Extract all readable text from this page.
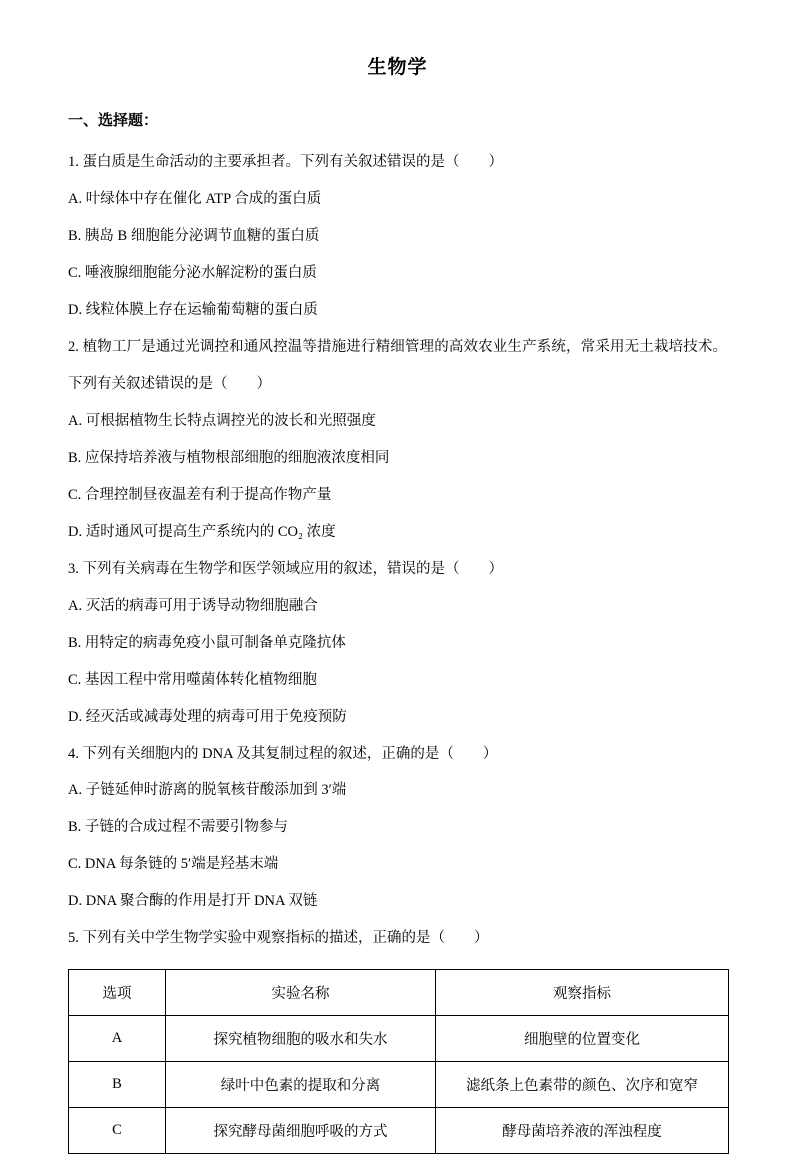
生物学
一、选择题：

1. 蛋白质是生命活动的主要承担者。下列有关叙述错误的是（　　）

A. 叶绿体中存在催化 ATP 合成的蛋白质

B. 胰岛 B 细胞能分泌调节血糖的蛋白质

C. 唾液腺细胞能分泌水解淀粉的蛋白质

D. 线粒体膜上存在运输葡萄糖的蛋白质

2. 植物工厂是通过光调控和通风控温等措施进行精细管理的高效农业生产系统，常采用无土栽培技术。下列有关叙述错误的是（　　）

A. 可根据植物生长特点调控光的波长和光照强度

B. 应保持培养液与植物根部细胞的细胞液浓度相同

C. 合理控制昼夜温差有利于提高作物产量

D. 适时通风可提高生产系统内的 CO₂ 浓度

3. 下列有关病毒在生物学和医学领域应用的叙述，错误的是（　　）

A. 灭活的病毒可用于诱导动物细胞融合

B. 用特定的病毒免疫小鼠可制备单克隆抗体

C. 基因工程中常用噬菌体转化植物细胞

D. 经灭活或减毒处理的病毒可用于免疫预防

4. 下列有关细胞内的 DNA 及其复制过程的叙述，正确的是（　　）

A. 子链延伸时游离的脱氧核苷酸添加到 3′端

B. 子链的合成过程不需要引物参与

C. DNA 每条链的 5′端是羟基末端

D. DNA 聚合酶的作用是打开 DNA 双链

5. 下列有关中学生物学实验中观察指标的描述，正确的是（　　）

选项	实验名称	观察指标
A	探究植物细胞的吸水和失水	细胞壁的位置变化
B	绿叶中色素的提取和分离	滤纸条上色素带的颜色、次序和宽窄
C	探究酵母菌细胞呼吸的方式	酵母菌培养液的浑浊程度
